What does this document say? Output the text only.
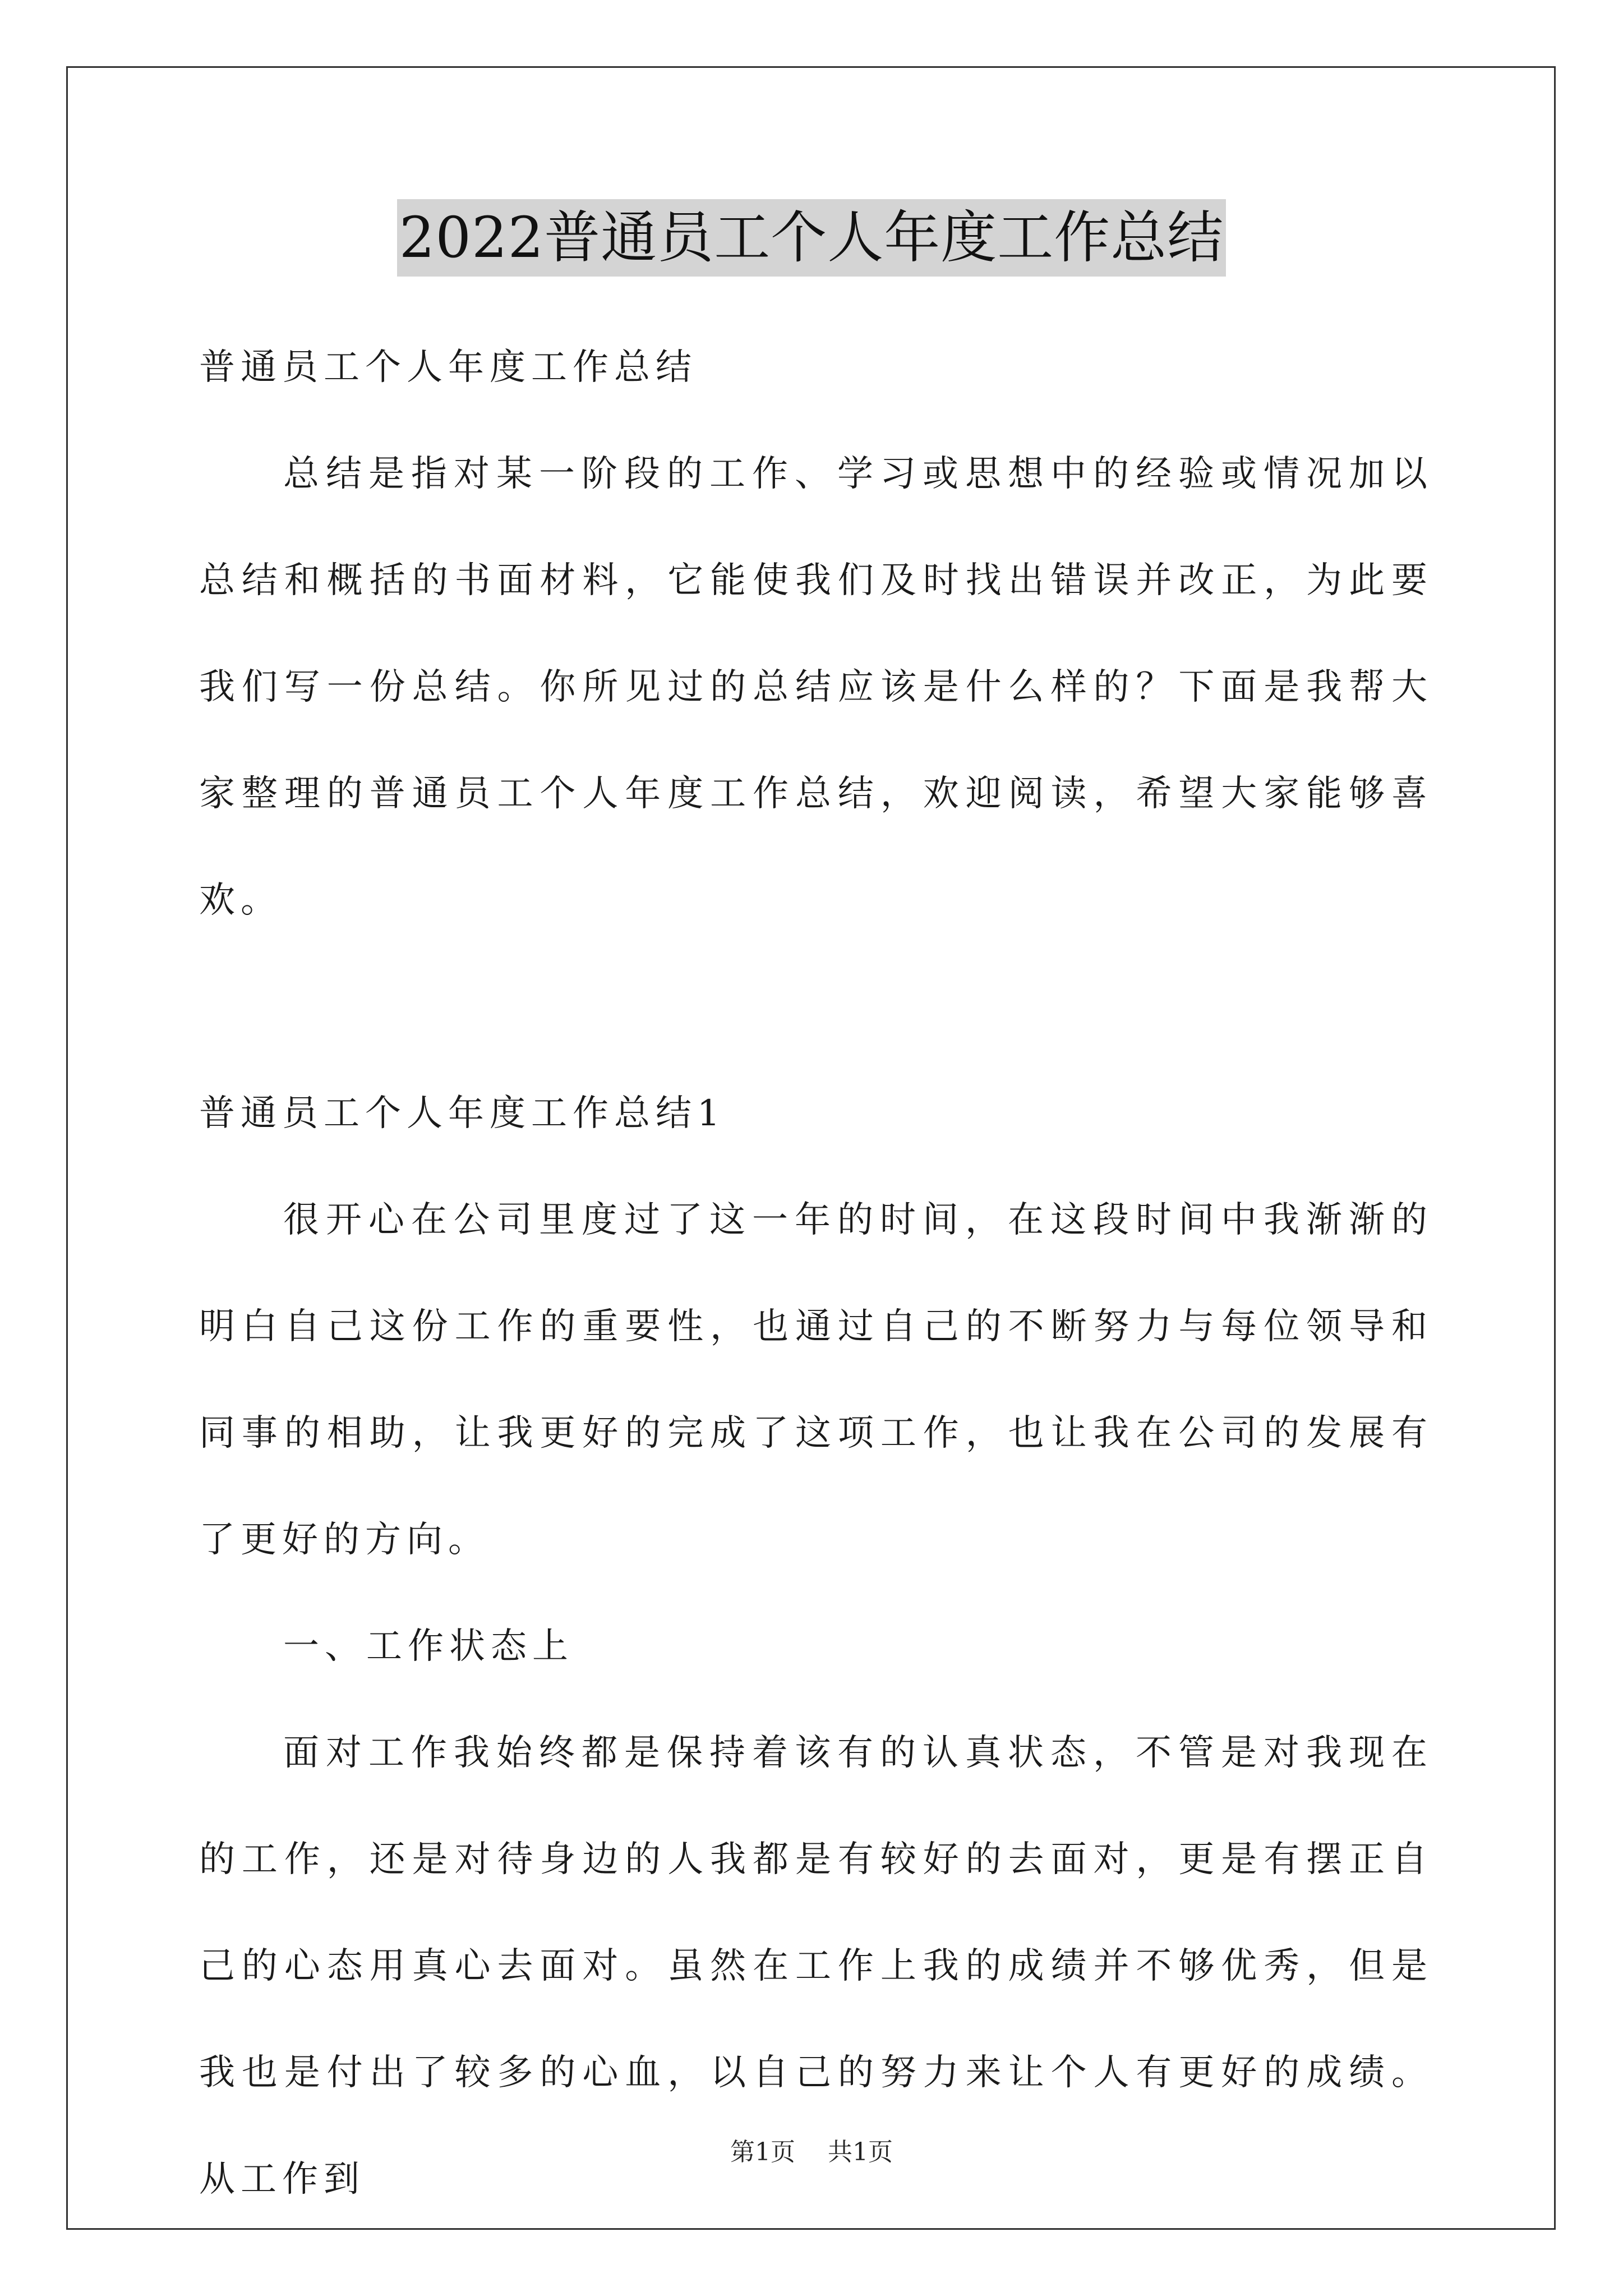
2022普通员工个人年度工作总结

普通员工个人年度工作总结

总结是指对某一阶段的工作、学习或思想中的经验或情况加以总结和概括的书面材料，它能使我们及时找出错误并改正，为此要我们写一份总结。你所见过的总结应该是什么样的？下面是我帮大家整理的普通员工个人年度工作总结，欢迎阅读，希望大家能够喜欢。

普通员工个人年度工作总结1

很开心在公司里度过了这一年的时间，在这段时间中我渐渐的明白自己这份工作的重要性，也通过自己的不断努力与每位领导和同事的相助，让我更好的完成了这项工作，也让我在公司的发展有了更好的方向。

一、工作状态上

面对工作我始终都是保持着该有的认真状态，不管是对我现在的工作，还是对待身边的人我都是有较好的去面对，更是有摆正自己的心态用真心去面对。虽然在工作上我的成绩并不够优秀，但是我也是付出了较多的心血，以自己的努力来让个人有更好的成绩。从工作到

第1页 共1页
